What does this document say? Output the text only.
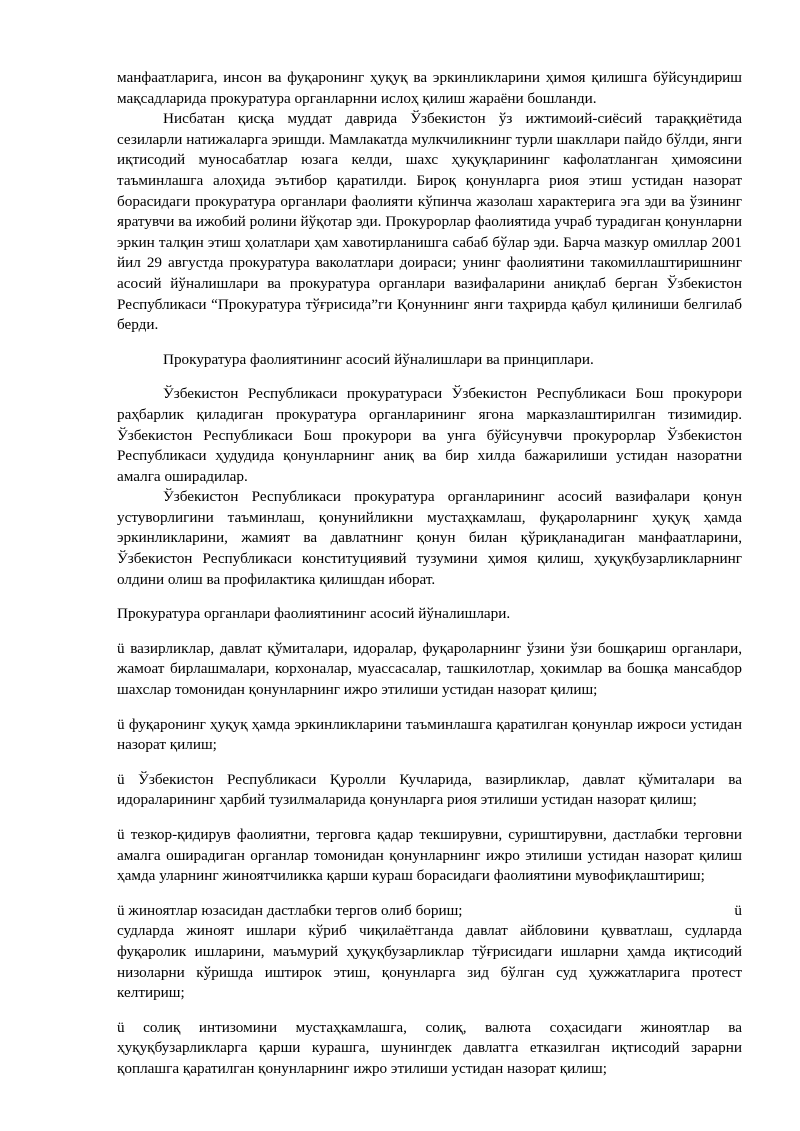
манфаатларига, инсон ва фуқаронинг ҳуқуқ ва эркинликларини ҳимоя қилишга бўйсундириш мақсадларида прокуратура органларнни ислоҳ қилиш жараёни бошланди.

Нисбатан қисқа муддат даврида Ўзбекистон ўз ижтимоий-сиёсий тараққиётида сезиларли натижаларга эришди. Мамлакатда мулкчиликнинг турли шакллари пайдо бўлди, янги иқтисодий муносабатлар юзага келди, шахс ҳуқуқларининг кафолатланган ҳимоясини таъминлашга алоҳида эътибор қаратилди. Бироқ қонунларга риоя этиш устидан назорат борасидаги прокуратура органлари фаолияти кўпинча жазолаш характерига эга эди ва ўзининг яратувчи ва ижобий ролини йўқотар эди. Прокурорлар фаолиятида учраб турадиган қонунларни эркин талқин этиш ҳолатлари ҳам хавотирланишга сабаб бўлар эди. Барча мазкур омиллар 2001 йил 29 августда прокуратура ваколатлари доираси; унинг фаолиятини такомиллаштиришнинг асосий йўналишлари ва прокуратура органлари вазифаларини аниқлаб берган Ўзбекистон Республикаси “Прокуратура тўғрисида”ги Қонуннинг янги таҳрирда қабул қилиниши белгилаб берди.

Прокуратура фаолиятининг асосий йўналишлари ва принциплари.

Ўзбекистон Республикаси прокуратураси Ўзбекистон Республикаси Бош прокурори раҳбарлик қиладиган прокуратура органларининг ягона марказлаштирилган тизимидир. Ўзбекистон Республикаси Бош прокурори ва унга бўйсунувчи прокурорлар Ўзбекистон Республикаси ҳудудида қонунларнинг аниқ ва бир хилда бажарилиши устидан назоратни амалга оширадилар.

Ўзбекистон Республикаси прокуратура органларининг асосий вазифалари қонун устуворлигини таъминлаш, қонунийликни мустаҳкамлаш, фуқароларнинг ҳуқуқ ҳамда эркинликларини, жамият ва давлатнинг қонун билан қўриқланадиган манфаатларини, Ўзбекистон Республикаси конституциявий тузумини ҳимоя қилиш, ҳуқуқбузарликларнинг олдини олиш ва профилактика қилишдан иборат.

Прокуратура органлари фаолиятининг асосий йўналишлари.

ü вазирликлар, давлат қўмиталари, идоралар, фуқароларнинг ўзини ўзи бошқариш органлари, жамоат бирлашмалари, корхоналар, муассасалар, ташкилотлар, ҳокимлар ва бошқа мансабдор шахслар томонидан қонунларнинг ижро этилиши устидан назорат қилиш;

ü фуқаронинг ҳуқуқ ҳамда эркинликларини таъминлашга қаратилган қонунлар ижроси устидан назорат қилиш;

ü Ўзбекистон Республикаси Қуролли Кучларида, вазирликлар, давлат қўмиталари ва идораларининг ҳарбий тузилмаларида қонунларга риоя этилиши устидан назорат қилиш;

ü тезкор-қидирув фаолиятни, терговга қадар текширувни, суриштирувни, дастлабки терговни амалга оширадиган органлар томонидан қонунларнинг ижро этилиши устидан назорат қилиш ҳамда уларнинг жиноятчиликка қарши кураш борасидаги фаолиятини мувофиқлаштириш;

ü жиноятлар юзасидан дастлабки тергов олиб бориш;	ü

судларда жиноят ишлари кўриб чиқилаётганда давлат айбловини қувватлаш, судларда фуқаролик ишларини, маъмурий ҳуқуқбузарликлар тўғрисидаги ишларни ҳамда иқтисодий низоларни кўришда иштирок этиш, қонунларга зид бўлган суд ҳужжатларига протест келтириш;

ü солиқ интизомини мустаҳкамлашга, солиқ, валюта соҳасидаги жиноятлар ва ҳуқуқбузарликларга қарши курашга, шунингдек давлатга етказилган иқтисодий зарарни қоплашга қаратилган қонунларнинг ижро этилиши устидан назорат қилиш;
